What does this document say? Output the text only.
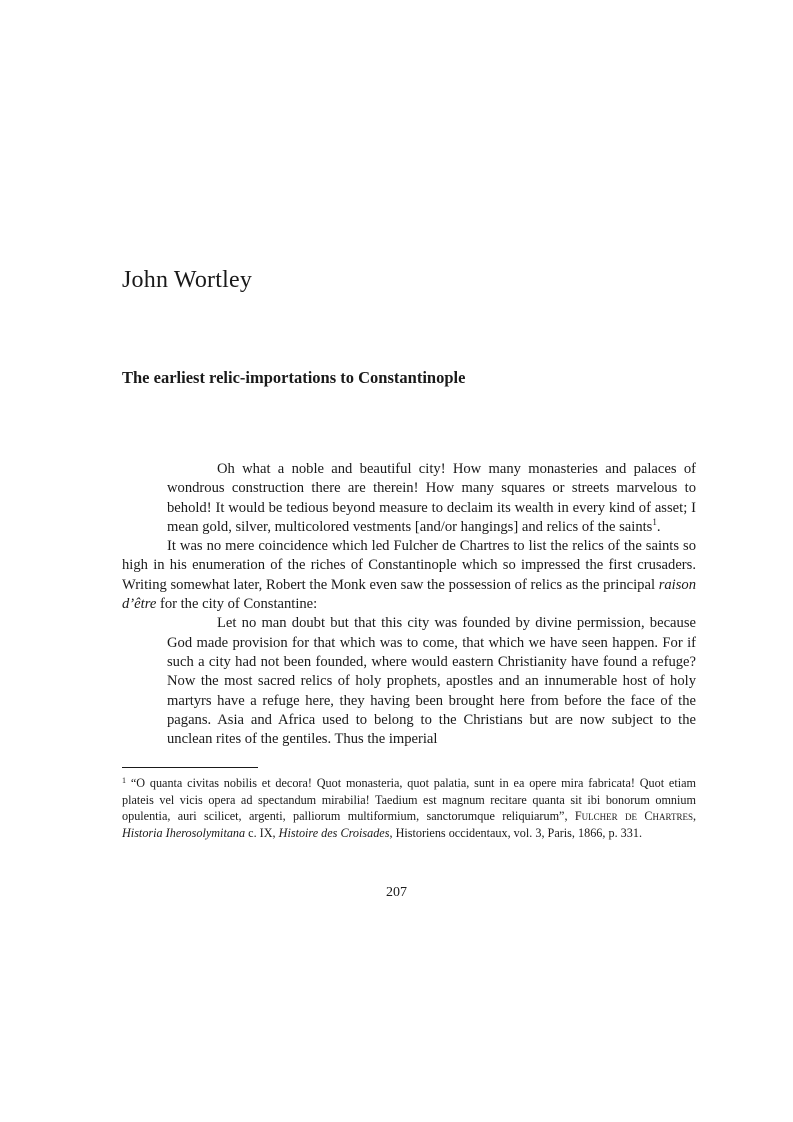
John Wortley
The earliest relic-importations to Constantinople

Oh what a noble and beautiful city! How many monasteries and palaces of wondrous construction there are therein! How many squares or streets marvelous to behold! It would be tedious beyond measure to declaim its wealth in every kind of asset; I mean gold, silver, multicolored vestments [and/or hangings] and relics of the saints$^1$.

It was no mere coincidence which led Fulcher de Chartres to list the relics of the saints so high in his enumeration of the riches of Constantinople which so impressed the first crusaders. Writing somewhat later, Robert the Monk even saw the possession of relics as the principal raison d’être for the city of Constantine:

Let no man doubt but that this city was founded by divine permission, because God made provision for that which was to come, that which we have seen happen. For if such a city had not been founded, where would eastern Christianity have found a refuge? Now the most sacred relics of holy prophets, apostles and an innumerable host of holy martyrs have a refuge here, they having been brought here from before the face of the pagans. Asia and Africa used to belong to the Christians but are now subject to the unclean rites of the gentiles. Thus the imperial

$^1$ “O quanta civitas nobilis et decora! Quot monasteria, quot palatia, sunt in ea opere mira fabricata! Quot etiam plateis vel vicis opera ad spectandum mirabilia! Taedium est magnum recitare quanta sit ibi bonorum omnium opulentia, auri scilicet, argenti, palliorum multiformium, sanctorumque reliquiarum”, Fulcher de Chartres, Historia Iherosolymitana c. IX, Histoire des Croisades, Historiens occidentaux, vol. 3, Paris, 1866, p. 331.

207
